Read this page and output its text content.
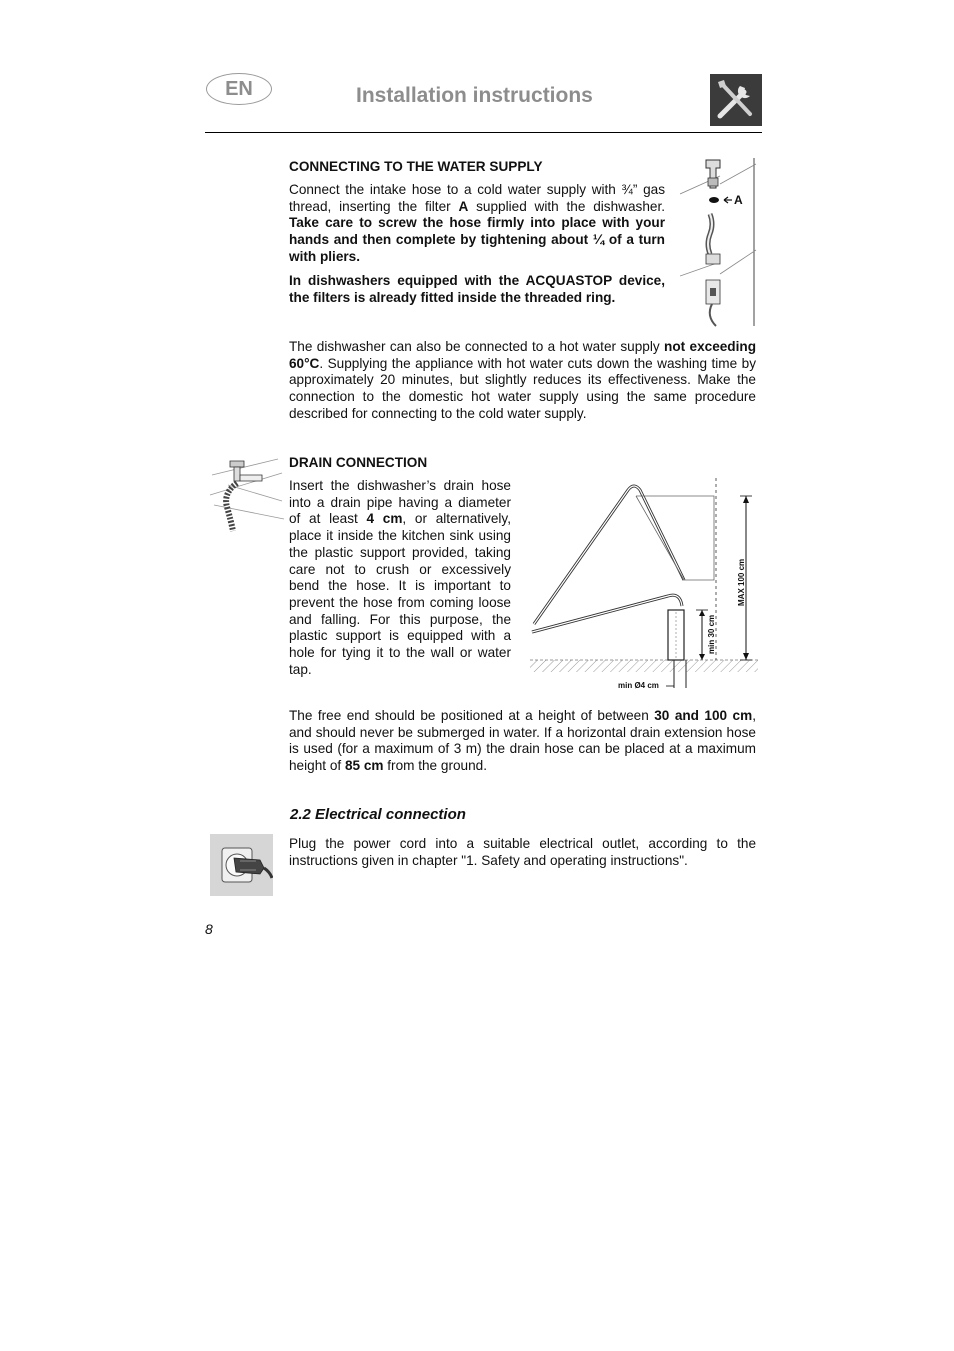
EN	Installation instructions
CONNECTING TO THE WATER SUPPLY

Connect the intake hose to a cold water supply with ¾” gas thread, inserting the filter A supplied with the dishwasher. Take care to screw the hose firmly into place with your hands and then complete by tightening about ¼ of a turn with pliers.

In dishwashers equipped with the ACQUASTOP device, the filters is already fitted inside the threaded ring.

The dishwasher can also be connected to a hot water supply not exceeding 60°C. Supplying the appliance with hot water cuts down the washing time by approximately 20 minutes, but slightly reduces its effectiveness. Make the connection to the domestic hot water supply using the same procedure described for connecting to the cold water supply.

A
DRAIN CONNECTION

Insert the dishwasher’s drain hose into a drain pipe having a diameter of at least 4 cm, or alternatively, place it inside the kitchen sink using the plastic support provided, taking care not to crush or excessively bend the hose. It is important to prevent the hose from coming loose and falling. For this purpose, the plastic support is equipped with a hole for tying it to the wall or water tap.

MAX 100 cm
min 30 cm
min Ø4 cm

The free end should be positioned at a height of between 30 and 100 cm, and should never be submerged in water. If a horizontal drain extension hose is used (for a maximum of 3 m) the drain hose can be placed at a maximum height of 85 cm from the ground.

2.2 Electrical connection

Plug the power cord into a suitable electrical outlet, according to the instructions given in chapter "1. Safety and operating instructions".

8
